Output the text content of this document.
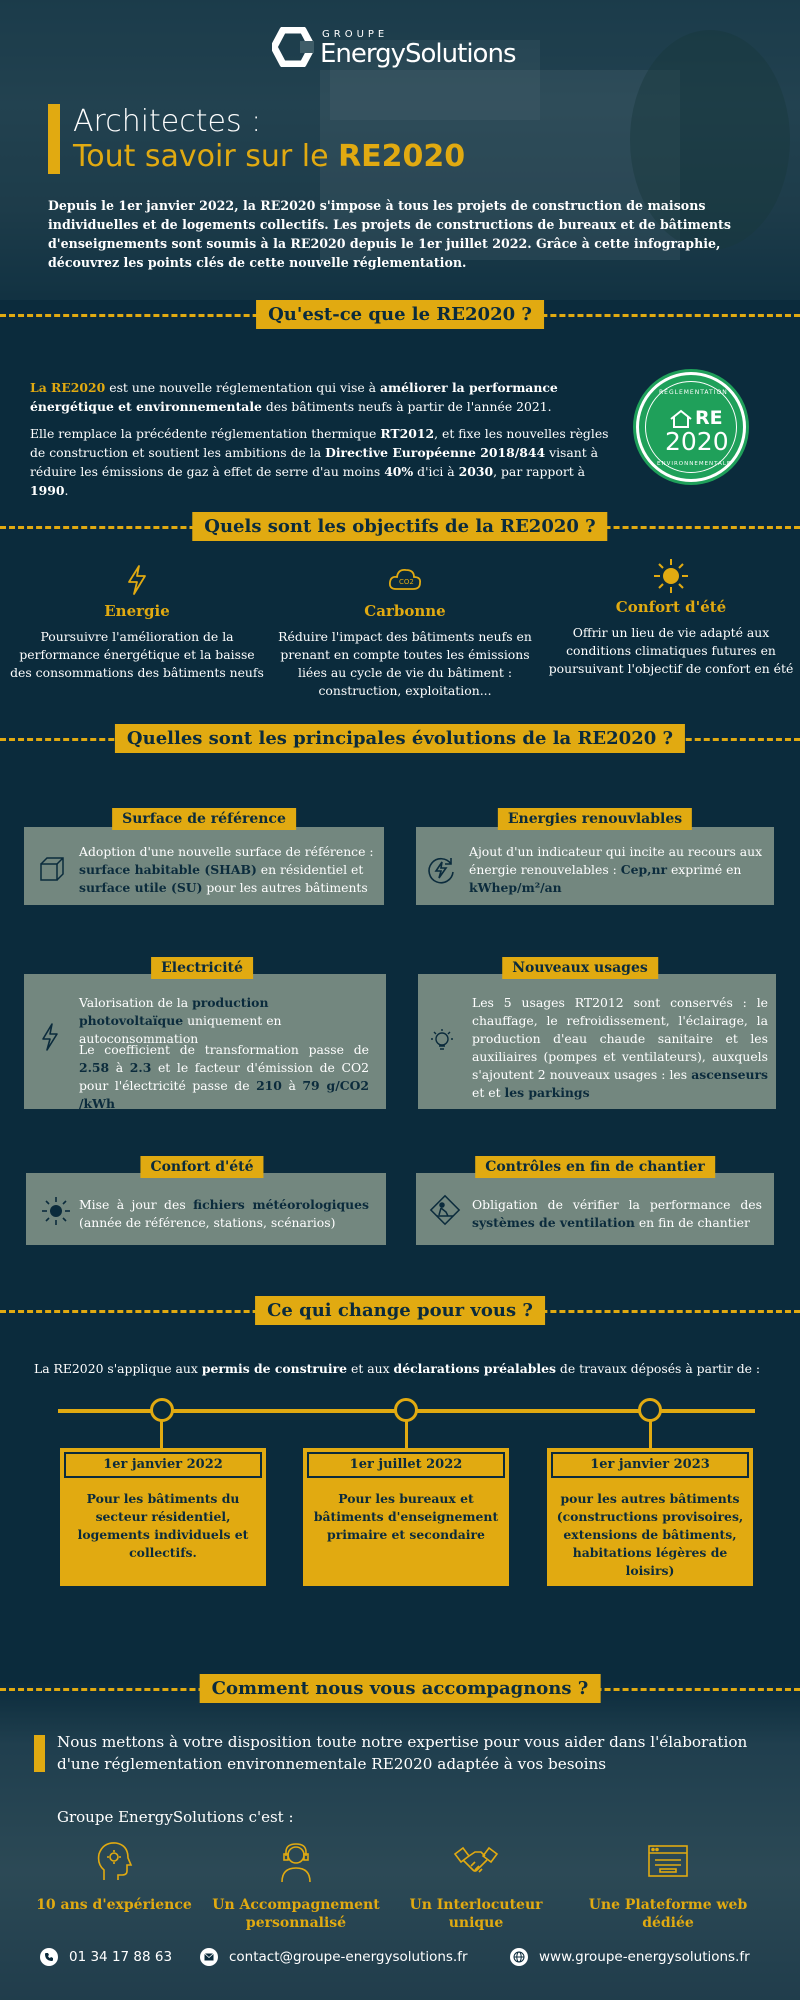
GROUPE
EnergySolutions
Architectes :
Tout savoir sur le RE2020
Depuis le 1er janvier 2022, la RE2020 s'impose à tous les projets de construction de maisons individuelles et de logements collectifs. Les projets de constructions de bureaux et de bâtiments d'enseignements sont soumis à la RE2020 depuis le 1er juillet 2022. Grâce à cette infographie, découvrez les points clés de cette nouvelle réglementation.
Qu'est-ce que le RE2020 ?
La RE2020 est une nouvelle réglementation qui vise à améliorer la performance énergétique et environnementale des bâtiments neufs à partir de l'année 2021.
Elle remplace la précédente réglementation thermique RT2012, et fixe les nouvelles règles de construction et soutient les ambitions de la Directive Européenne 2018/844 visant à réduire les émissions de gaz à effet de serre d'au moins 40% d'ici à 2030, par rapport à 1990.
RÉGLEMENTATION
RE
2020
ENVIRONNEMENTALE
Quels sont les objectifs de la RE2020 ?
Energie
Poursuivre l'amélioration de la performance énergétique et la baisse des consommations des bâtiments neufs
CO2
Carbonne
Réduire l'impact des bâtiments neufs en prenant en compte toutes les émissions liées au cycle de vie du bâtiment : construction, exploitation...
Confort d'été
Offrir un lieu de vie adapté aux conditions climatiques futures en poursuivant l'objectif de confort en été
Quelles sont les principales évolutions de la RE2020 ?
Surface de référence
Adoption d'une nouvelle surface de référence : surface habitable (SHAB) en résidentiel et surface utile (SU) pour les autres bâtiments
Energies renouvlables
Ajout d'un indicateur qui incite au recours aux énergie renouvelables : Cep,nr exprimé en kWhep/m²/an
Electricité
Valorisation de la production photovoltaïque uniquement en autoconsommation
Le coefficient de transformation passe de 2.58 à 2.3 et le facteur d'émission de CO2 pour l'électricité passe de 210 à 79 g/CO2 /kWh
Nouveaux usages
Les 5 usages RT2012 sont conservés : le chauffage, le refroidissement, l'éclairage, la production d'eau chaude sanitaire et les auxiliaires (pompes et ventilateurs), auxquels s'ajoutent 2 nouveaux usages : les ascenseurs et et les parkings
Confort d'été
Mise à jour des fichiers météorologiques (année de référence, stations, scénarios)
Contrôles en fin de chantier
Obligation de vérifier la performance des systèmes de ventilation en fin de chantier
Ce qui change pour vous ?
La RE2020 s'applique aux permis de construire et aux déclarations préalables de travaux déposés à partir de :
1er janvier 2022
Pour les bâtiments du secteur résidentiel, logements individuels et collectifs.
1er juillet 2022
Pour les bureaux et bâtiments d'enseignement primaire et secondaire
1er janvier 2023
pour les autres bâtiments (constructions provisoires, extensions de bâtiments, habitations légères de loisirs)
Comment nous vous accompagnons ?
Nous mettons à votre disposition toute notre expertise pour vous aider dans l'élaboration d'une réglementation environnementale RE2020 adaptée à vos besoins
Groupe EnergySolutions c'est :
10 ans d'expérience	Un Accompagnement personnalisé
Un Interlocuteur unique
Une Plateforme web dédiée
01 34 17 88 63	contact@groupe-energysolutions.fr	www.groupe-energysolutions.fr
